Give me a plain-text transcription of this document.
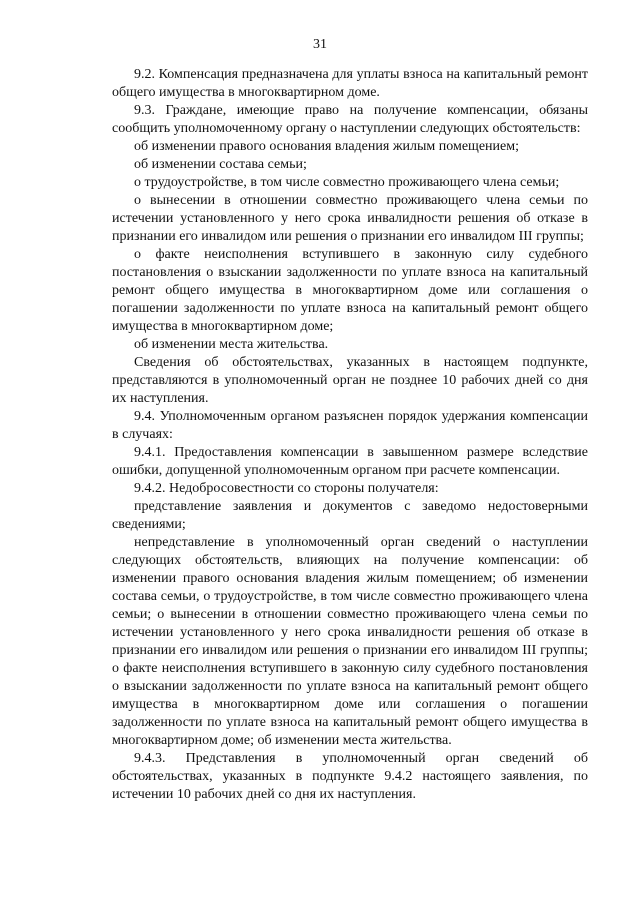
31

9.2. Компенсация предназначена для уплаты взноса на капитальный ремонт общего имущества в многоквартирном доме.

9.3. Граждане, имеющие право на получение компенсации, обязаны сообщить уполномоченному органу о наступлении следующих обстоятельств:

об изменении правого основания владения жилым помещением;

об изменении состава семьи;

о трудоустройстве, в том числе совместно проживающего члена семьи;

о вынесении в отношении совместно проживающего члена семьи по истечении установленного у него срока инвалидности решения об отказе в признании его инвалидом или решения о признании его инвалидом III группы;

о факте неисполнения вступившего в законную силу судебного постановления о взыскании задолженности по уплате взноса на капитальный ремонт общего имущества в многоквартирном доме или соглашения о погашении задолженности по уплате взноса на капитальный ремонт общего имущества в многоквартирном доме;

об изменении места жительства.

Сведения об обстоятельствах, указанных в настоящем подпункте, представляются в уполномоченный орган не позднее 10 рабочих дней со дня их наступления.

9.4. Уполномоченным органом разъяснен порядок удержания компенсации в случаях:

9.4.1. Предоставления компенсации в завышенном размере вследствие ошибки, допущенной уполномоченным органом при расчете компенсации.

9.4.2. Недобросовестности со стороны получателя:

представление заявления и документов с заведомо недостоверными сведениями;

непредставление в уполномоченный орган сведений о наступлении следующих обстоятельств, влияющих на получение компенсации: об изменении правого основания владения жилым помещением; об изменении состава семьи, о трудоустройстве, в том числе совместно проживающего члена семьи; о вынесении в отношении совместно проживающего члена семьи по истечении установленного у него срока инвалидности решения об отказе в признании его инвалидом или решения о признании его инвалидом III группы; о факте неисполнения вступившего в законную силу судебного постановления о взыскании задолженности по уплате взноса на капитальный ремонт общего имущества в многоквартирном доме или соглашения о погашении задолженности по уплате взноса на капитальный ремонт общего имущества в многоквартирном доме; об изменении места жительства.

9.4.3. Представления в уполномоченный орган сведений об обстоятельствах, указанных в подпункте 9.4.2 настоящего заявления, по истечении 10 рабочих дней со дня их наступления.
